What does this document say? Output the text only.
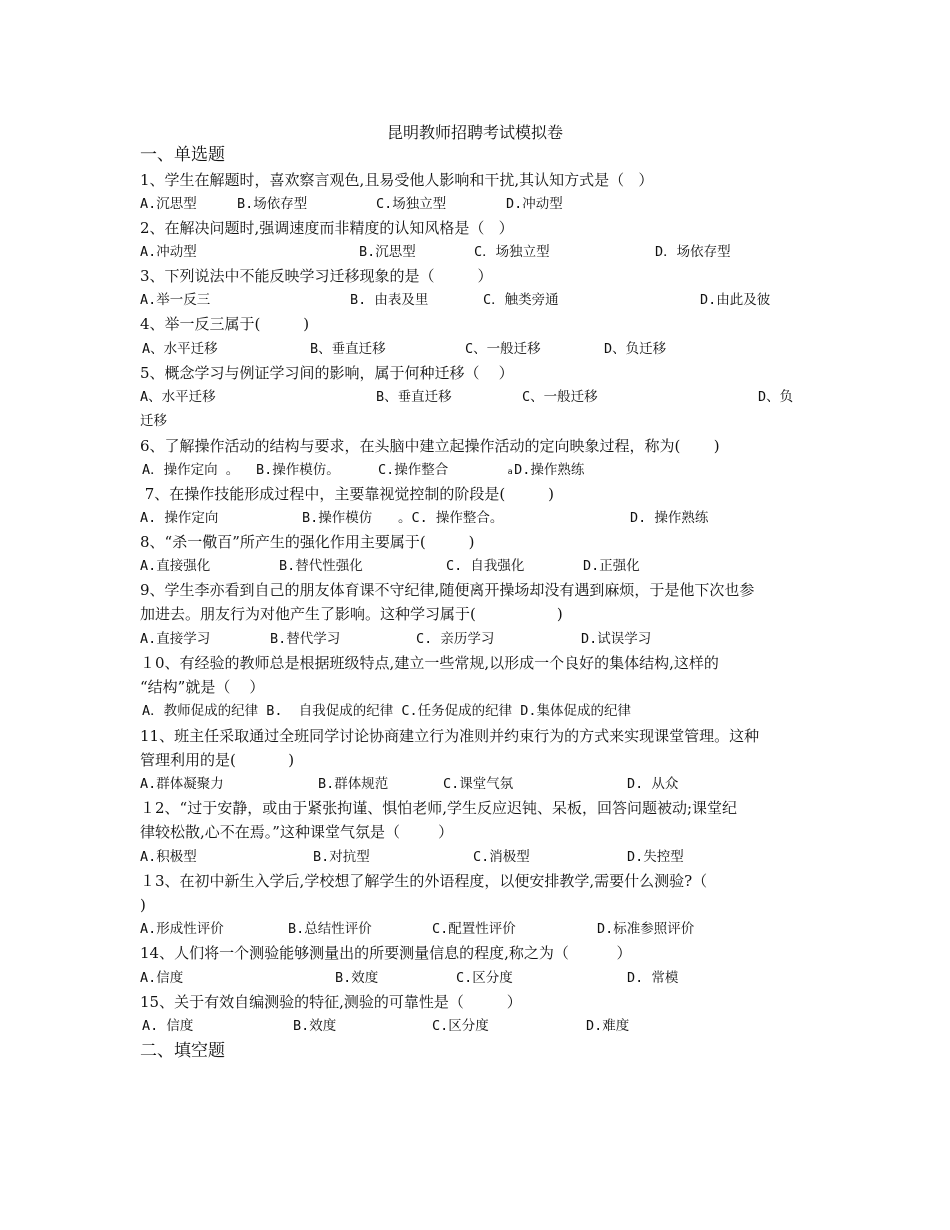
昆明教师招聘考试模拟卷
一、单选题
1、学生在解题时，喜欢察言观色,且易受他人影响和干扰,其认知方式是（   ）
A.沉思型	B.场依存型	C.场独立型	D.冲动型
2、在解决问题时,强调速度而非精度的认知风格是（   ）
A.冲动型	B.沉思型	C．场独立型	D．场依存型
3、下列说法中不能反映学习迁移现象的是（         ）
A.举一反三	B. 由表及里	C．触类旁通	D.由此及彼
4、举一反三属于(         )
A、水平迁移	B、垂直迁移	C、一般迁移	D、负迁移
5、概念学习与例证学习间的影响，属于何种迁移（    ）
A、水平迁移	B、垂直迁移	C、一般迁移	D、负
迁移
6、了解操作活动的结构与要求，在头脑中建立起操作活动的定向映象过程，称为(       )
A．操作定向 。 B.操作模仿。	C.操作整合	ₐD.操作熟练
7、在操作技能形成过程中，主要靠视觉控制的阶段是(         )
A. 操作定向	B.操作模仿 。C. 操作整合。	D. 操作熟练
8、“杀一儆百”所产生的强化作用主要属于(         )
A.直接强化	B.替代性强化	C. 自我强化	D.正强化
9、学生李亦看到自己的朋友体育课不守纪律,随便离开操场却没有遇到麻烦，于是他下次也参
加进去。朋友行为对他产生了影响。这种学习属于(                 )
A.直接学习	B.替代学习	C. 亲历学习	D.试误学习
１0、有经验的教师总是根据班级特点,建立一些常规,以形成一个良好的集体结构,这样的
“结构”就是（    ）
A．教师促成的纪律 B.  自我促成的纪律 C.任务促成的纪律 D.集体促成的纪律
11、班主任采取通过全班同学讨论协商建立行为准则并约束行为的方式来实现课堂管理。这种
管理利用的是(           )
A.群体凝聚力	B.群体规范	C.课堂气氛	D. 从众
１2、“过于安静，或由于紧张拘谨、惧怕老师,学生反应迟钝、呆板，回答问题被动;课堂纪
律较松散,心不在焉。”这种课堂气氛是（        ）
A.积极型	B.对抗型	C.消极型	D.失控型
１3、在初中新生入学后,学校想了解学生的外语程度，以便安排教学,需要什么测验?（
)
A.形成性评价	B.总结性评价	C.配置性评价	D.标准参照评价
14、人们将一个测验能够测量出的所要测量信息的程度,称之为（          ）
A.信度	B.效度	C.区分度	D. 常模
15、关于有效自编测验的特征,测验的可靠性是（         ）
A. 信度	B.效度	C.区分度	D.难度
二、填空题
